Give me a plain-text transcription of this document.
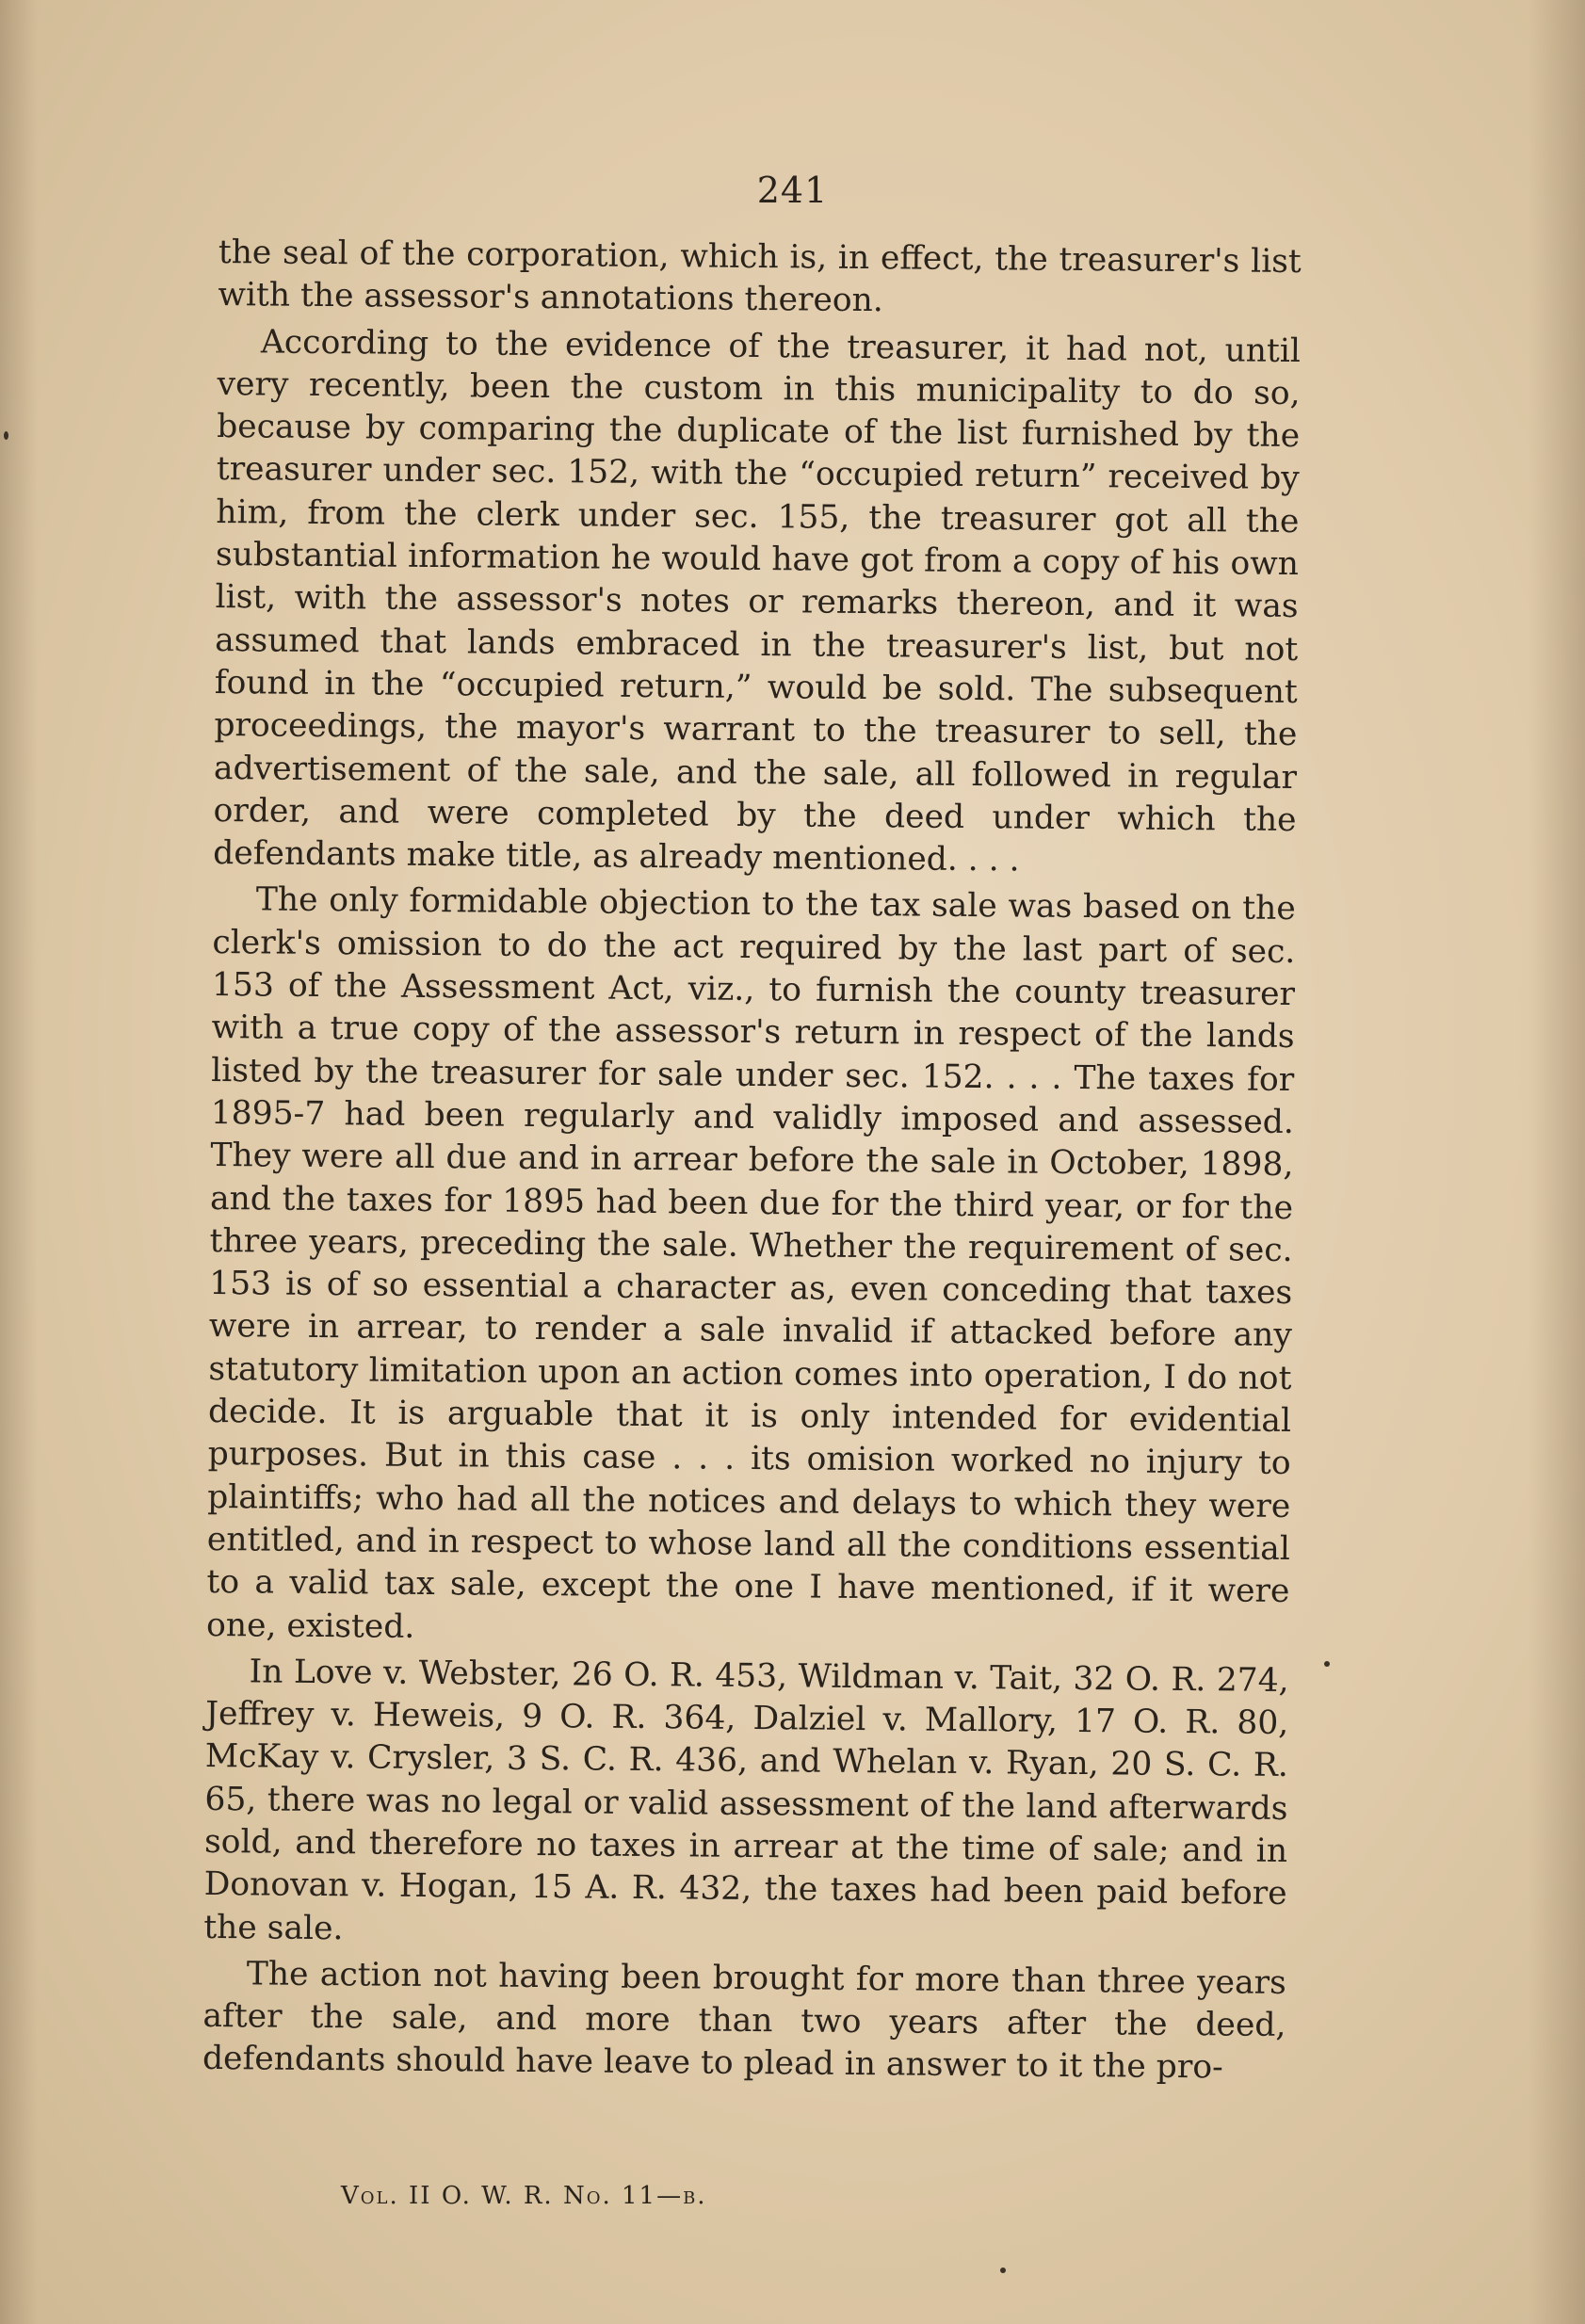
241

the seal of the corporation, which is, in effect, the treasurer's list with the assessor's annotations thereon.

According to the evidence of the treasurer, it had not, until very recently, been the custom in this municipality to do so, because by comparing the duplicate of the list furnished by the treasurer under sec. 152, with the “occupied return” received by him, from the clerk under sec. 155, the treasurer got all the substantial information he would have got from a copy of his own list, with the assessor's notes or remarks thereon, and it was assumed that lands embraced in the treasurer's list, but not found in the “occupied return,” would be sold. The subsequent proceedings, the mayor's warrant to the treasurer to sell, the advertisement of the sale, and the sale, all followed in regular order, and were completed by the deed under which the defendants make title, as already mentioned. . . .

The only formidable objection to the tax sale was based on the clerk's omission to do the act required by the last part of sec. 153 of the Assessment Act, viz., to furnish the county treasurer with a true copy of the assessor's return in respect of the lands listed by the treasurer for sale under sec. 152. . . . The taxes for 1895-7 had been regularly and validly imposed and assessed. They were all due and in arrear before the sale in October, 1898, and the taxes for 1895 had been due for the third year, or for the three years, preceding the sale. Whether the requirement of sec. 153 is of so essential a character as, even conceding that taxes were in arrear, to render a sale invalid if attacked before any statutory limitation upon an action comes into operation, I do not decide. It is arguable that it is only intended for evidential purposes. But in this case . . . its omision worked no injury to plaintiffs; who had all the notices and delays to which they were entitled, and in respect to whose land all the conditions essential to a valid tax sale, except the one I have mentioned, if it were one, existed.

In Love v. Webster, 26 O. R. 453, Wildman v. Tait, 32 O. R. 274, Jeffrey v. Heweis, 9 O. R. 364, Dalziel v. Mallory, 17 O. R. 80, McKay v. Crysler, 3 S. C. R. 436, and Whelan v. Ryan, 20 S. C. R. 65, there was no legal or valid assessment of the land afterwards sold, and therefore no taxes in arrear at the time of sale; and in Donovan v. Hogan, 15 A. R. 432, the taxes had been paid before the sale.

The action not having been brought for more than three years after the sale, and more than two years after the deed, defendants should have leave to plead in answer to it the pro-

Vol. II O. W. R. No. 11—b.
